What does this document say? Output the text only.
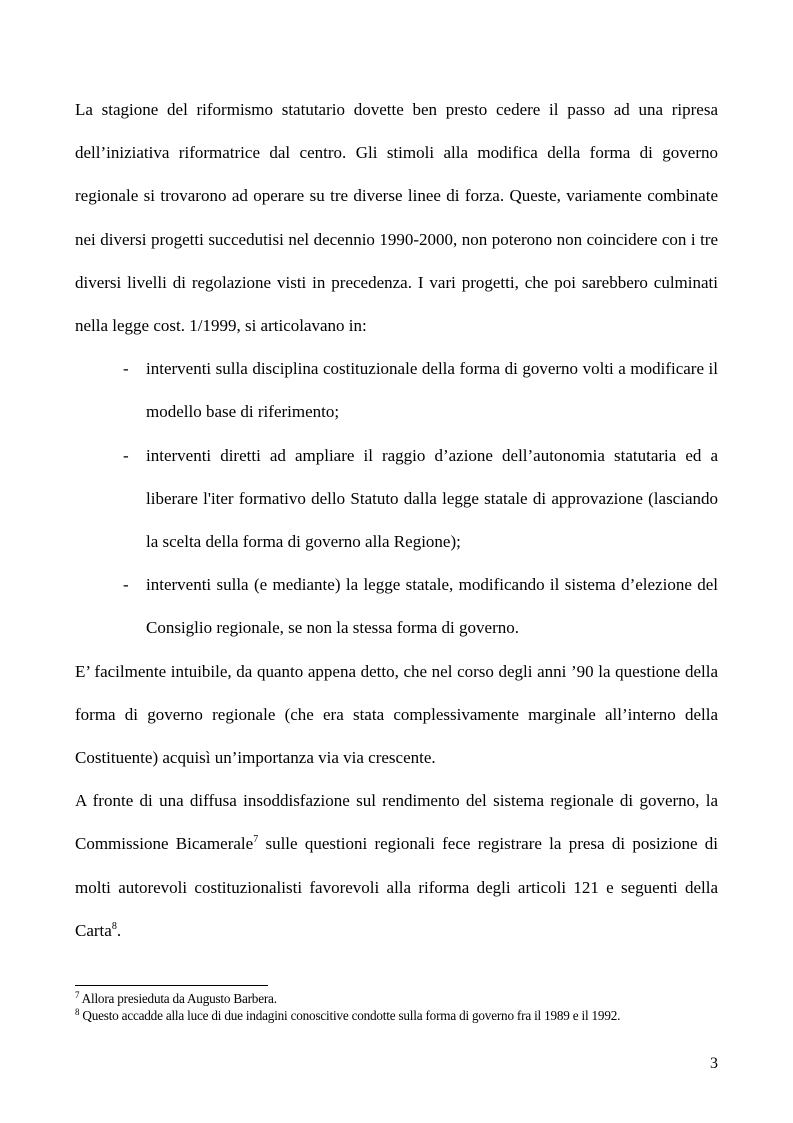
La stagione del riformismo statutario dovette ben presto cedere il passo ad una ripresa dell’iniziativa riformatrice dal centro. Gli stimoli alla modifica della forma di governo regionale si trovarono ad operare su tre diverse linee di forza. Queste, variamente combinate nei diversi progetti succedutisi nel decennio 1990-2000, non poterono non coincidere con i tre diversi livelli di regolazione visti in precedenza. I vari progetti, che poi sarebbero culminati nella legge cost. 1/1999, si articolavano in:

- interventi sulla disciplina costituzionale della forma di governo volti a modificare il modello base di riferimento;
- interventi diretti ad ampliare il raggio d’azione dell’autonomia statutaria ed a liberare l'iter formativo dello Statuto dalla legge statale di approvazione (lasciando la scelta della forma di governo alla Regione);
- interventi sulla (e mediante) la legge statale, modificando il sistema d’elezione del Consiglio regionale, se non la stessa forma di governo.

E’ facilmente intuibile, da quanto appena detto, che nel corso degli anni ’90 la questione della forma di governo regionale (che era stata complessivamente marginale all’interno della Costituente) acquisì un’importanza via via crescente.

A fronte di una diffusa insoddisfazione sul rendimento del sistema regionale di governo, la Commissione Bicamerale$^7$ sulle questioni regionali fece registrare la presa di posizione di molti autorevoli costituzionalisti favorevoli alla riforma degli articoli 121 e seguenti della Carta$^8$.

$^7$ Allora presieduta da Augusto Barbera.

$^8$ Questo accadde alla luce di due indagini conoscitive condotte sulla forma di governo fra il 1989 e il 1992.

3
